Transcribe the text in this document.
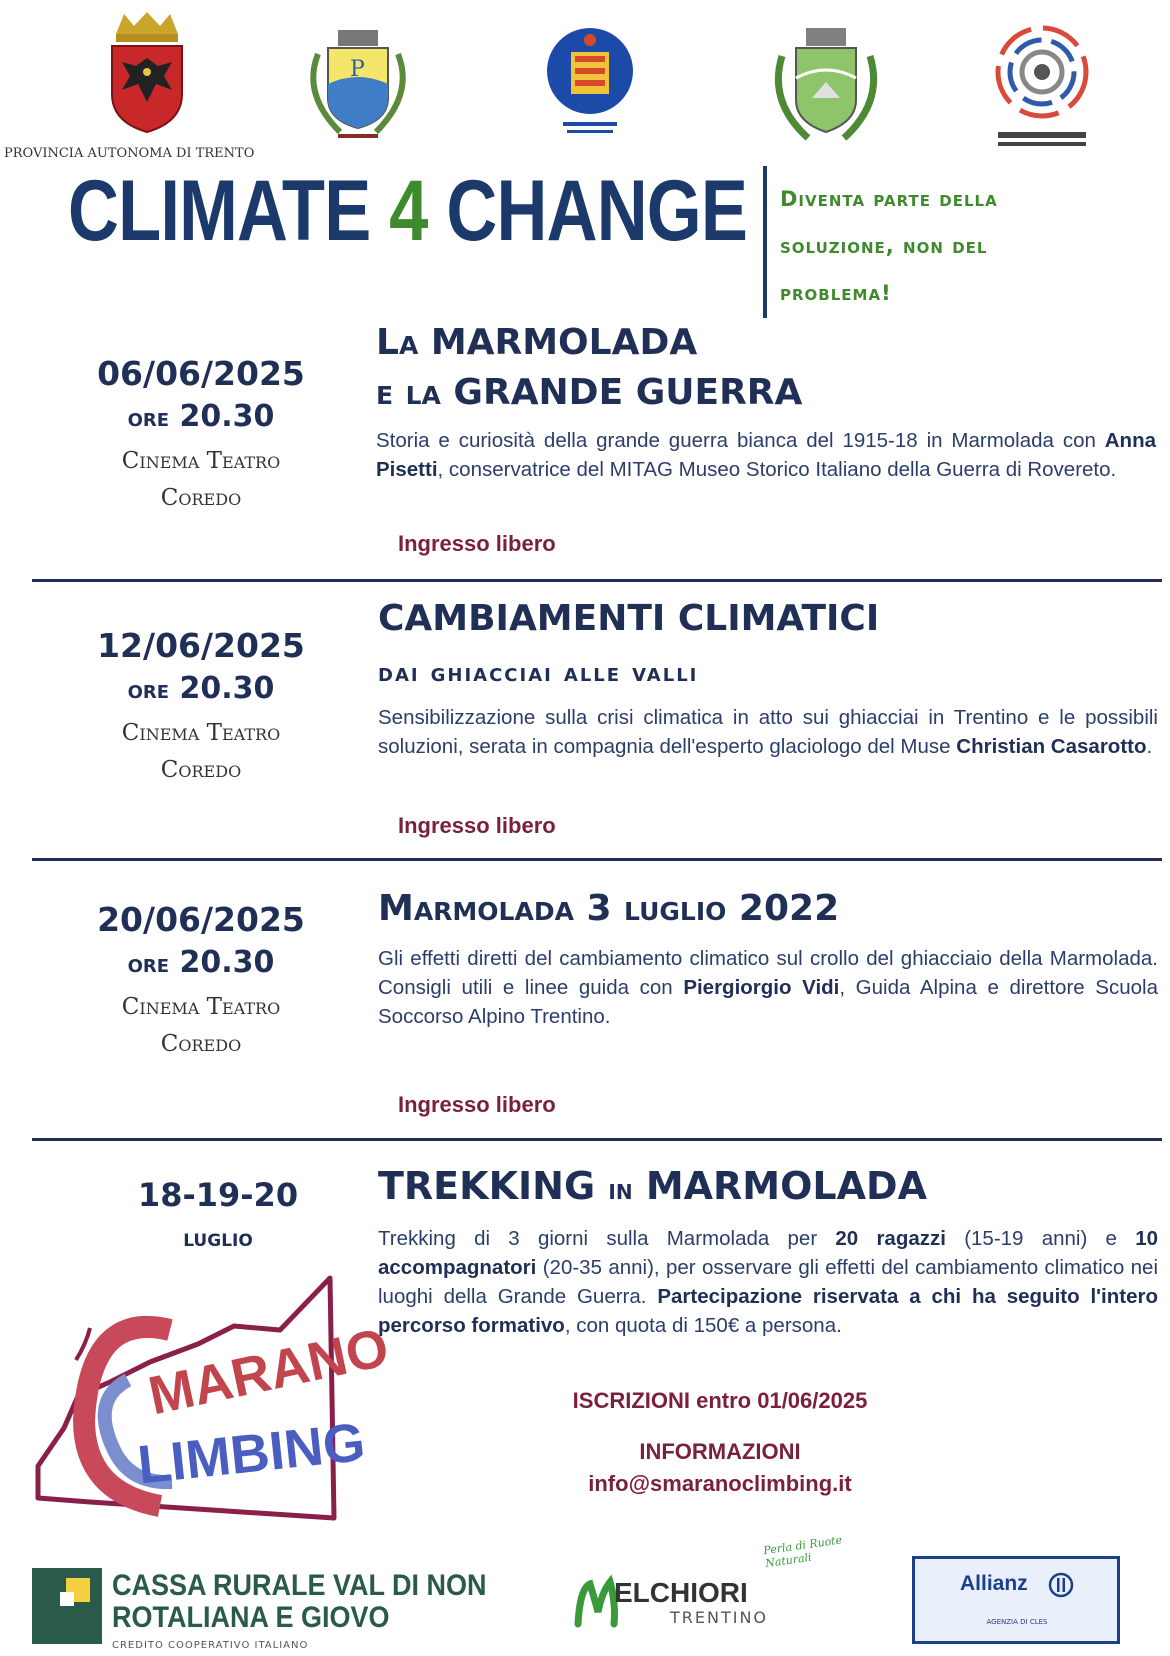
PROVINCIA AUTONOMA DI TRENTO
P
CLIMATE 4 CHANGE Diventa parte della
soluzione, non del
problema!
06/06/2025
ore 20.30
Cinema Teatro
Coredo
La MARMOLADA
e la GRANDE GUERRA
Storia e curiosità della grande guerra bianca del 1915-18 in Marmolada con Anna Pisetti, conservatrice del MITAG Museo Storico Italiano della Guerra di Rovereto.
Ingresso libero
12/06/2025
ore 20.30
Cinema Teatro
Coredo
CAMBIAMENTI CLIMATICI
dai ghiacciai alle valli
Sensibilizzazione sulla crisi climatica in atto sui ghiacciai in Trentino e le possibili soluzioni, serata in compagnia dell'esperto glaciologo del Muse Christian Casarotto.
Ingresso libero
20/06/2025
ore 20.30
Cinema Teatro
Coredo
Marmolada 3 luglio 2022
Gli effetti diretti del cambiamento climatico sul crollo del ghiacciaio della Marmolada. Consigli utili e linee guida con Piergiorgio Vidi, Guida Alpina e direttore Scuola Soccorso Alpino Trentino.
Ingresso libero
18-19-20
luglio
TREKKING in MARMOLADA
Trekking di 3 giorni sulla Marmolada per 20 ragazzi (15-19 anni) e 10 accompagnatori (20-35 anni), per osservare gli effetti del cambiamento climatico nei luoghi della Grande Guerra. Partecipazione riservata a chi ha seguito l'intero percorso formativo, con quota di 150€ a persona.
ISCRIZIONI entro 01/06/2025
INFORMAZIONI
info@smaranoclimbing.it
MARANO
LIMBING
CASSA RURALE VAL DI NON
ROTALIANA E GIOVO
CREDITO COOPERATIVO ITALIANO
ELCHIORI
TRENTINO
Perla di Ruote Naturali
Allianz
AGENZIA DI CLES
